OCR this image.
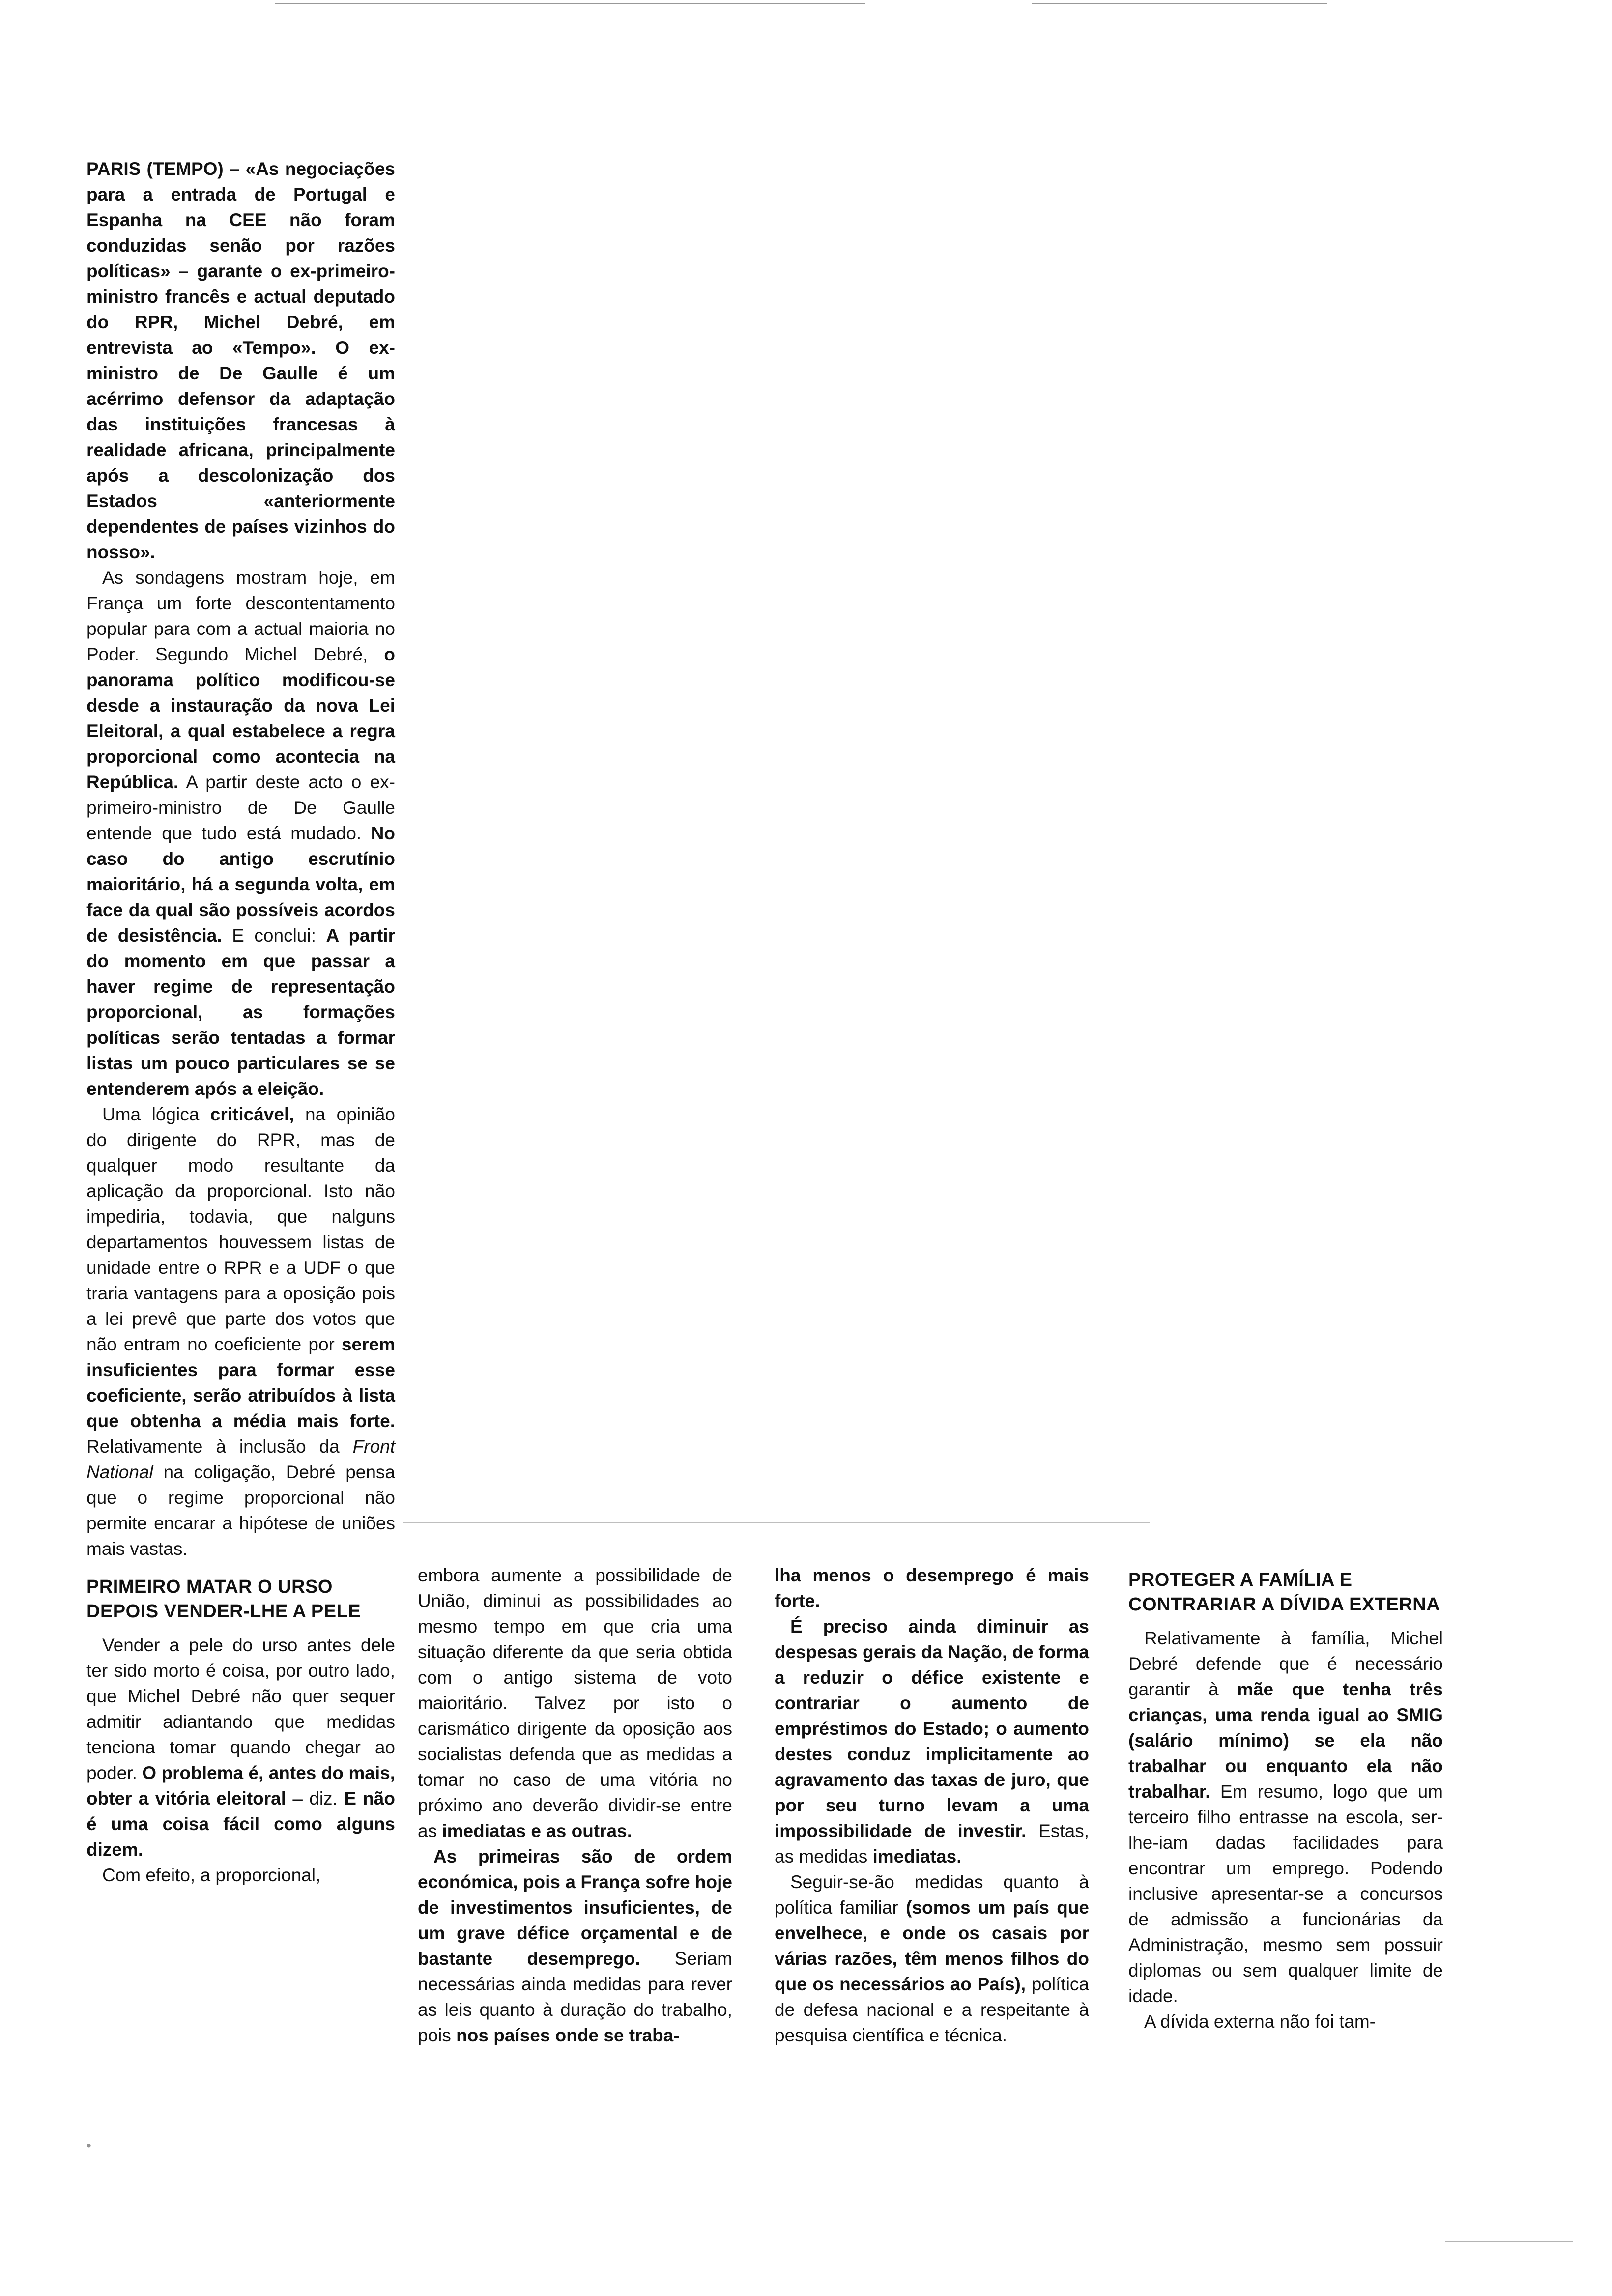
•

PARIS (TEMPO) – «As negociações para a entrada de Portugal e Espanha na CEE não foram conduzidas senão por razões políticas» – garante o ex-primeiro-ministro francês e actual deputado do RPR, Michel Debré, em entrevista ao «Tempo». O ex-ministro de De Gaulle é um acérrimo defensor da adaptação das instituições francesas à realidade africana, principalmente após a descolonização dos Estados «anteriormente dependentes de países vizinhos do nosso».

As sondagens mostram hoje, em França um forte descontentamento popular para com a actual maioria no Poder. Segundo Michel Debré, o panorama político modificou-se desde a instauração da nova Lei Eleitoral, a qual estabelece a regra proporcional como acontecia na República. A partir deste acto o ex-primeiro-ministro de De Gaulle entende que tudo está mudado. No caso do antigo escrutínio maioritário, há a segunda volta, em face da qual são possíveis acordos de desistência. E conclui: A partir do momento em que passar a haver regime de representação proporcional, as formações políticas serão tentadas a formar listas um pouco particulares se se entenderem após a eleição.

Uma lógica criticável, na opinião do dirigente do RPR, mas de qualquer modo resultante da aplicação da proporcional. Isto não impediria, todavia, que nalguns departamentos houvessem listas de unidade entre o RPR e a UDF o que traria vantagens para a oposição pois a lei prevê que parte dos votos que não entram no coeficiente por serem insuficientes para formar esse coeficiente, serão atribuídos à lista que obtenha a média mais forte. Relativamente à inclusão da Front National na coligação, Debré pensa que o regime proporcional não permite encarar a hipótese de uniões mais vastas.

PRIMEIRO MATAR O URSO DEPOIS VENDER-LHE A PELE

Vender a pele do urso antes dele ter sido morto é coisa, por outro lado, que Michel Debré não quer sequer admitir adiantando que medidas tenciona tomar quando chegar ao poder. O problema é, antes do mais, obter a vitória eleitoral – diz. E não é uma coisa fácil como alguns dizem.

Com efeito, a proporcional,

embora aumente a possibilidade de União, diminui as possibilidades ao mesmo tempo em que cria uma situação diferente da que seria obtida com o antigo sistema de voto maioritário. Talvez por isto o carismático dirigente da oposição aos socialistas defenda que as medidas a tomar no caso de uma vitória no próximo ano deverão dividir-se entre as imediatas e as outras.

As primeiras são de ordem económica, pois a França sofre hoje de investimentos insuficientes, de um grave défice orçamental e de bastante desemprego. Seriam necessárias ainda medidas para rever as leis quanto à duração do trabalho, pois nos países onde se traba-

lha menos o desemprego é mais forte.

É preciso ainda diminuir as despesas gerais da Nação, de forma a reduzir o défice existente e contrariar o aumento de empréstimos do Estado; o aumento destes conduz implicitamente ao agravamento das taxas de juro, que por seu turno levam a uma impossibilidade de investir. Estas, as medidas imediatas.

Seguir-se-ão medidas quanto à política familiar (somos um país que envelhece, e onde os casais por várias razões, têm menos filhos do que os necessários ao País), política de defesa nacional e a respeitante à pesquisa científica e técnica.

PROTEGER A FAMÍLIA E CONTRARIAR A DÍVIDA EXTERNA

Relativamente à família, Michel Debré defende que é necessário garantir à mãe que tenha três crianças, uma renda igual ao SMIG (salário mínimo) se ela não trabalhar ou enquanto ela não trabalhar. Em resumo, logo que um terceiro filho entrasse na escola, ser-lhe-iam dadas facilidades para encontrar um emprego. Podendo inclusive apresentar-se a concursos de admissão a funcionárias da Administração, mesmo sem possuir diplomas ou sem qualquer limite de idade.

A dívida externa não foi tam-
